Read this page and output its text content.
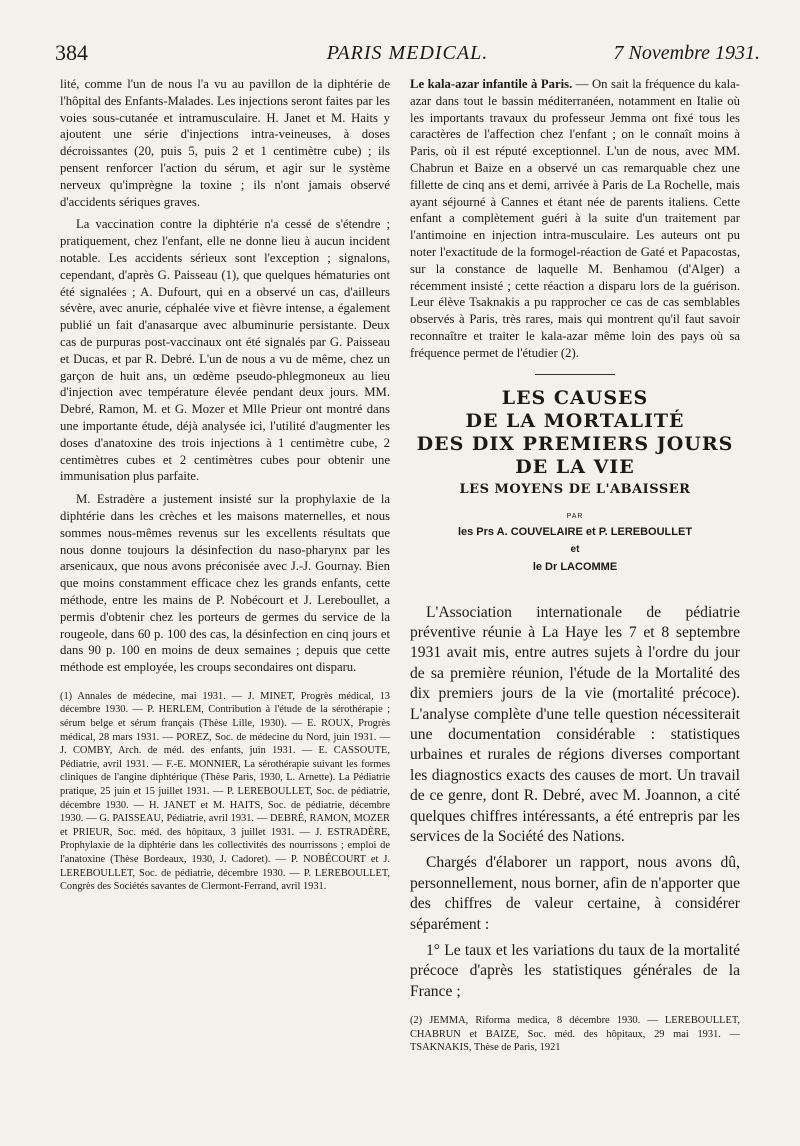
384	PARIS MEDICAL.	7 Novembre 1931.

lité, comme l'un de nous l'a vu au pavillon de la diphtérie de l'hôpital des Enfants-Malades. Les injections seront faites par les voies sous-cutanée et intramusculaire. H. Janet et M. Haits y ajoutent une série d'injections intra-veineuses, à doses décroissantes (20, puis 5, puis 2 et 1 centimètre cube) ; ils pensent renforcer l'action du sérum, et agir sur le système nerveux qu'imprègne la toxine ; ils n'ont jamais observé d'accidents sériques graves.

La vaccination contre la diphtérie n'a cessé de s'étendre ; pratiquement, chez l'enfant, elle ne donne lieu à aucun incident notable. Les accidents sérieux sont l'exception ; signalons, cependant, d'après G. Paisseau (1), que quelques hématuries ont été signalées ; A. Dufourt, qui en a observé un cas, d'ailleurs sévère, avec anurie, céphalée vive et fièvre intense, a également publié un fait d'anasarque avec albuminurie persistante. Deux cas de purpuras post-vaccinaux ont été signalés par G. Paisseau et Ducas, et par R. Debré. L'un de nous a vu de même, chez un garçon de huit ans, un œdème pseudo-phlegmoneux au lieu d'injection avec température élevée pendant deux jours. MM. Debré, Ramon, M. et G. Mozer et Mlle Prieur ont montré dans une importante étude, déjà analysée ici, l'utilité d'augmenter les doses d'anatoxine des trois injections à 1 centimètre cube, 2 centimètres cubes et 2 centimètres cubes pour obtenir une immunisation plus parfaite.

M. Estradère a justement insisté sur la prophylaxie de la diphtérie dans les crèches et les maisons maternelles, et nous sommes nous-mêmes revenus sur les excellents résultats que nous donne toujours la désinfection du naso-pharynx par les arsenicaux, que nous avons préconisée avec J.-J. Gournay. Bien que moins constamment efficace chez les grands enfants, cette méthode, entre les mains de P. Nobécourt et J. Lereboullet, a permis d'obtenir chez les porteurs de germes du service de la rougeole, dans 60 p. 100 des cas, la désinfection en cinq jours et dans 90 p. 100 en moins de deux semaines ; depuis que cette méthode est employée, les croups secondaires ont disparu.

(1) Annales de médecine, mai 1931. — J. MINET, Progrès médical, 13 décembre 1930. — P. HERLEM, Contribution à l'étude de la sérothérapie ; sérum belge et sérum français (Thèse Lille, 1930). — E. ROUX, Progrès médical, 28 mars 1931. — POREZ, Soc. de médecine du Nord, juin 1931. — J. COMBY, Arch. de méd. des enfants, juin 1931. — E. CASSOUTE, Pédiatrie, avril 1931. — F.-E. MONNIER, La sérothérapie suivant les formes cliniques de l'angine diphtérique (Thèse Paris, 1930, L. Arnette). La Pédiatrie pratique, 25 juin et 15 juillet 1931. — P. LEREBOULLET, Soc. de pédiatrie, décembre 1930. — H. JANET et M. HAITS, Soc. de pédiatrie, décembre 1930. — G. PAISSEAU, Pédiatrie, avril 1931. — DEBRÉ, RAMON, MOZER et PRIEUR, Soc. méd. des hôpitaux, 3 juillet 1931. — J. ESTRADÈRE, Prophylaxie de la diphtérie dans les collectivités des nourrissons ; emploi de l'anatoxine (Thèse Bordeaux, 1930, J. Cadoret). — P. NOBÉCOURT et J. LEREBOULLET, Soc. de pédiatrie, décembre 1930. — P. LEREBOULLET, Congrès des Sociétés savantes de Clermont-Ferrand, avril 1931.

Le kala-azar infantile à Paris. — On sait la fréquence du kala-azar dans tout le bassin méditerranéen, notamment en Italie où les importants travaux du professeur Jemma ont fixé tous les caractères de l'affection chez l'enfant ; on le connaît moins à Paris, où il est réputé exceptionnel. L'un de nous, avec MM. Chabrun et Baize en a observé un cas remarquable chez une fillette de cinq ans et demi, arrivée à Paris de La Rochelle, mais ayant séjourné à Cannes et étant née de parents italiens. Cette enfant a complètement guéri à la suite d'un traitement par l'antimoine en injection intra-musculaire. Les auteurs ont pu noter l'exactitude de la formogel-réaction de Gaté et Papacostas, sur la constance de laquelle M. Benhamou (d'Alger) a récemment insisté ; cette réaction a disparu lors de la guérison. Leur élève Tsaknakis a pu rapprocher ce cas de cas semblables observés à Paris, très rares, mais qui montrent qu'il faut savoir reconnaître et traiter le kala-azar même loin des pays où sa fréquence permet de l'étudier (2).

LES CAUSES
DE LA MORTALITÉ
DES DIX PREMIERS JOURS
DE LA VIE
LES MOYENS DE L'ABAISSER
PAR
les Prs A. COUVELAIRE et P. LEREBOULLET
et
le Dr LACOMME

L'Association internationale de pédiatrie préventive réunie à La Haye les 7 et 8 septembre 1931 avait mis, entre autres sujets à l'ordre du jour de sa première réunion, l'étude de la Mortalité des dix premiers jours de la vie (mortalité précoce). L'analyse complète d'une telle question nécessiterait une documentation considérable : statistiques urbaines et rurales de régions diverses comportant les diagnostics exacts des causes de mort. Un travail de ce genre, dont R. Debré, avec M. Joannon, a cité quelques chiffres intéressants, a été entrepris par les services de la Société des Nations.

Chargés d'élaborer un rapport, nous avons dû, personnellement, nous borner, afin de n'apporter que des chiffres de valeur certaine, à considérer séparément :

1° Le taux et les variations du taux de la mortalité précoce d'après les statistiques générales de la France ;

(2) JEMMA, Riforma medica, 8 décembre 1930. — LEREBOULLET, CHABRUN et BAIZE, Soc. méd. des hôpitaux, 29 mai 1931. — TSAKNAKIS, Thèse de Paris, 1921
